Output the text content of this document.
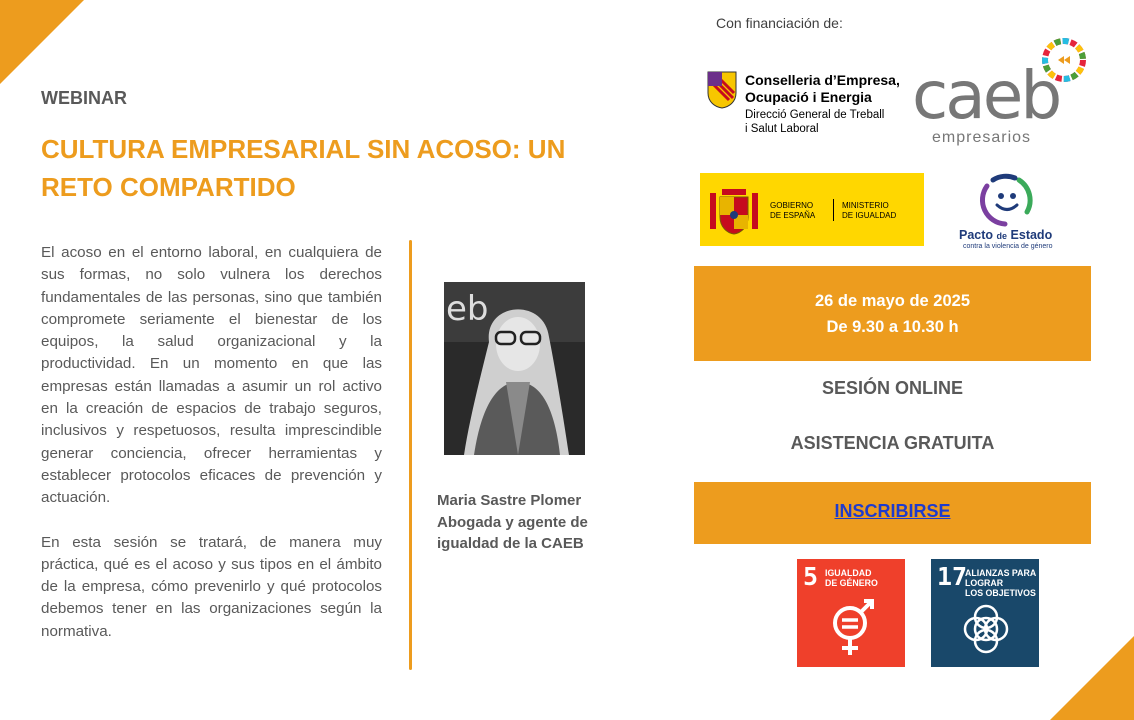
WEBINAR
CULTURA EMPRESARIAL SIN ACOSO: UN RETO COMPARTIDO

El acoso en el entorno laboral, en cualquiera de sus formas, no solo vulnera los derechos fundamentales de las personas, sino que también compromete seriamente el bienestar de los equipos, la salud organizacional y la productividad. En un momento en que las empresas están llamadas a asumir un rol activo en la creación de espacios de trabajo seguros, inclusivos y respetuosos, resulta imprescindible generar conciencia, ofrecer herramientas y establecer protocolos eficaces de prevención y actuación.

En esta sesión se tratará, de manera muy práctica, qué es el acoso y sus tipos en el ámbito de la empresa, cómo prevenirlo y qué protocolos debemos tener en las organizaciones según la normativa.

eb
Maria Sastre Plomer
Abogada y agente de igualdad de la CAEB
Con financiación de:
Conselleria d’Empresa,
Ocupació i Energia
Direcció General de Treball
i Salut Laboral caeb
empresarios
GOBIERNO
DE ESPAÑA
MINISTERIO
DE IGUALDAD
Pacto de Estado
contra la violencia de género
26 de mayo de 2025
De 9.30 a 10.30 h
SESIÓN ONLINE
ASISTENCIA GRATUITA
INSCRIBIRSE
5 IGUALDAD
DE GÉNERO 17
ALIANZAS PARA
LOGRAR
LOS OBJETIVOS
